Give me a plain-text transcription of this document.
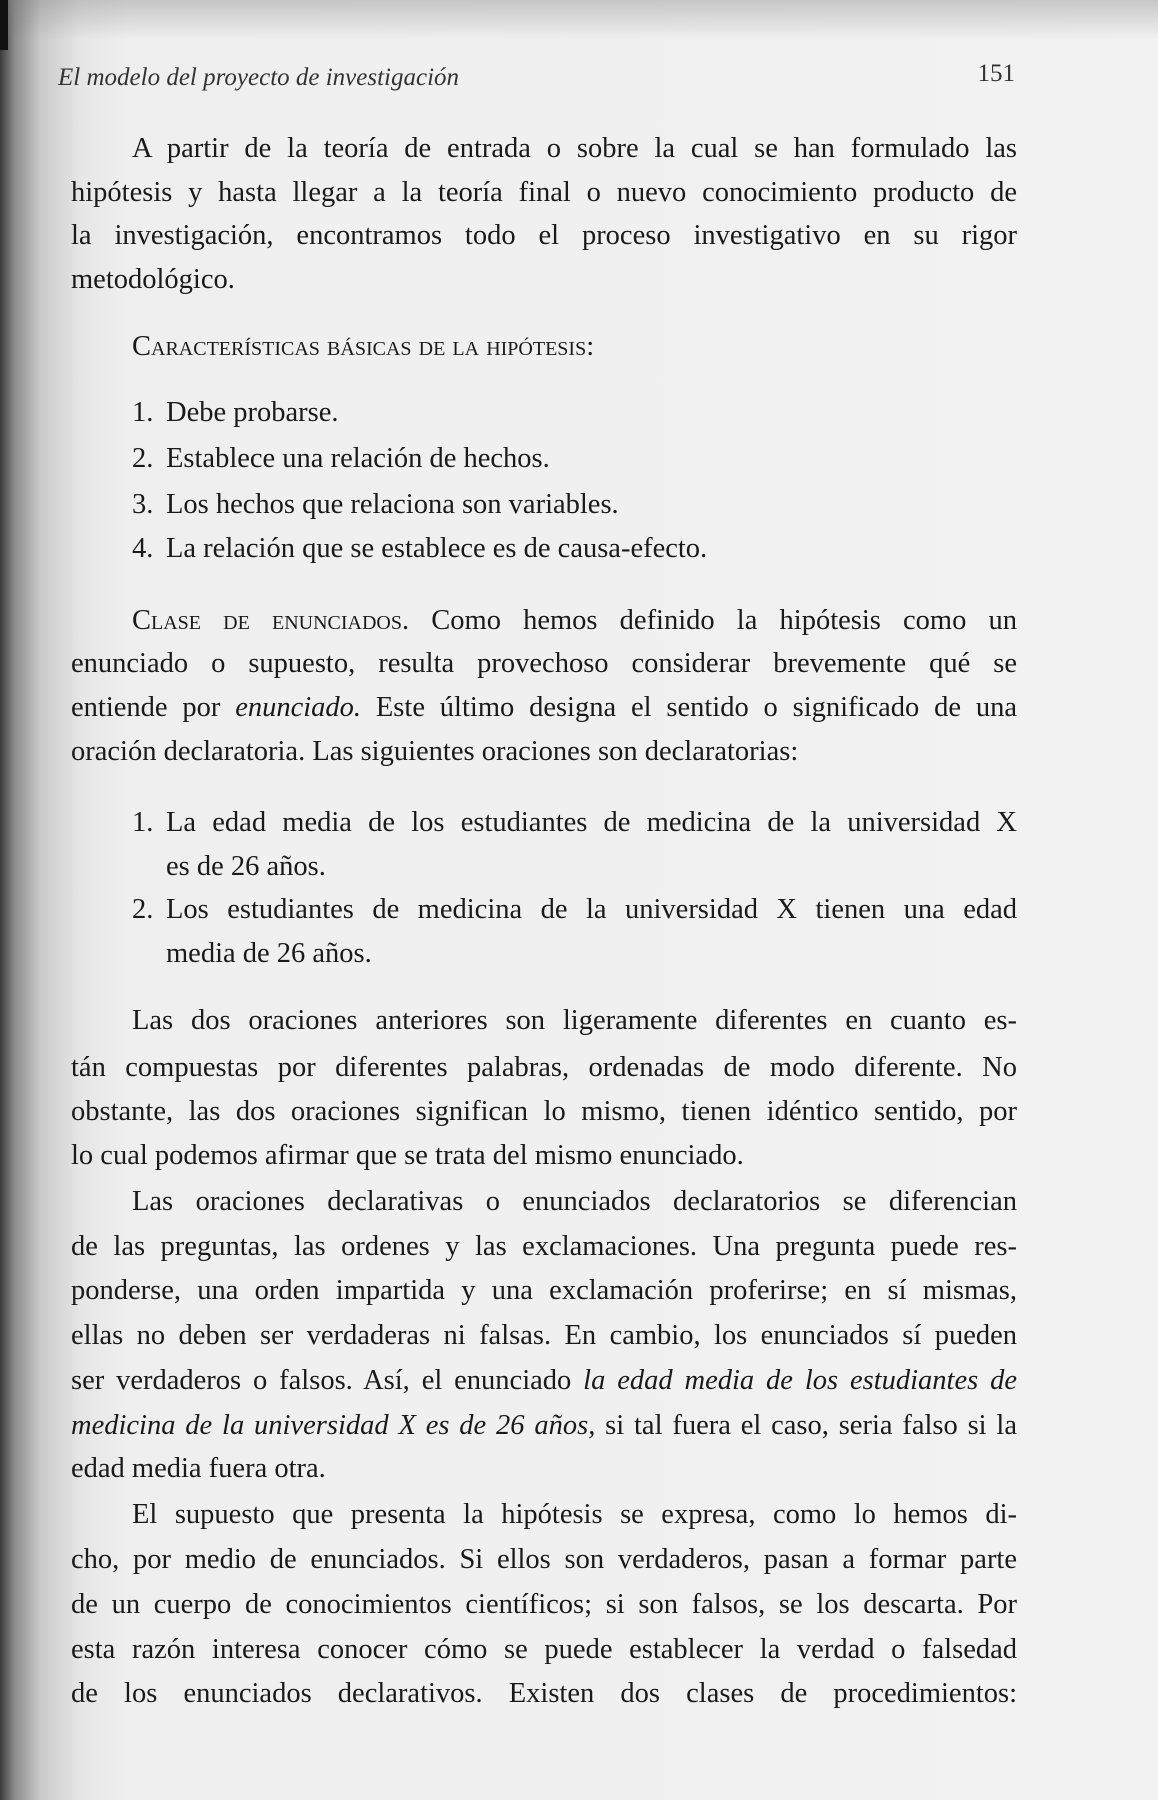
El modelo del proyecto de investigación	151
A partir de la teoría de entrada o sobre la cual se han formulado las
hipótesis y hasta llegar a la teoría final o nuevo conocimiento producto de
la investigación, encontramos todo el proceso investigativo en su rigor
metodológico.
Características básicas de la hipótesis:
1. Debe probarse.
2. Establece una relación de hechos.
3. Los hechos que relaciona son variables.
4. La relación que se establece es de causa-efecto.
Clase de enunciados. Como hemos definido la hipótesis como un
enunciado o supuesto, resulta provechoso considerar brevemente qué se
entiende por enunciado. Este último designa el sentido o significado de una
oración declaratoria. Las siguientes oraciones son declaratorias:
1. La edad media de los estudiantes de medicina de la universidad X
es de 26 años.
2. Los estudiantes de medicina de la universidad X tienen una edad
media de 26 años.
Las dos oraciones anteriores son ligeramente diferentes en cuanto es-
tán compuestas por diferentes palabras, ordenadas de modo diferente. No
obstante, las dos oraciones significan lo mismo, tienen idéntico sentido, por
lo cual podemos afirmar que se trata del mismo enunciado.
Las oraciones declarativas o enunciados declaratorios se diferencian
de las preguntas, las ordenes y las exclamaciones. Una pregunta puede res-
ponderse, una orden impartida y una exclamación proferirse; en sí mismas,
ellas no deben ser verdaderas ni falsas. En cambio, los enunciados sí pueden
ser verdaderos o falsos. Así, el enunciado la edad media de los estudiantes de
medicina de la universidad X es de 26 años, si tal fuera el caso, seria falso si la
edad media fuera otra.
El supuesto que presenta la hipótesis se expresa, como lo hemos di-
cho, por medio de enunciados. Si ellos son verdaderos, pasan a formar parte
de un cuerpo de conocimientos científicos; si son falsos, se los descarta. Por
esta razón interesa conocer cómo se puede establecer la verdad o falsedad
de los enunciados declarativos. Existen dos clases de procedimientos:
